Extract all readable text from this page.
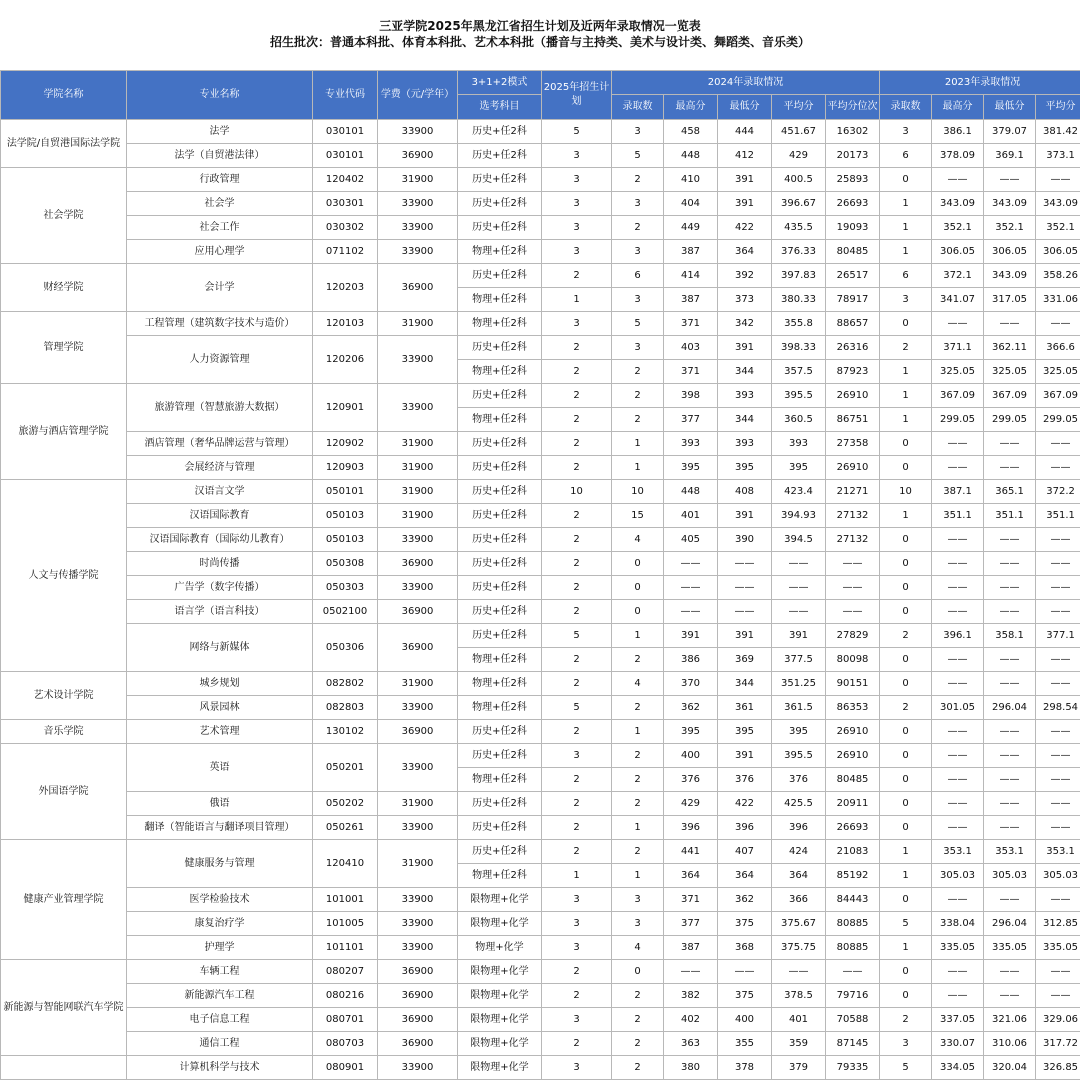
三亚学院2025年黑龙江省招生计划及近两年录取情况一览表
招生批次：普通本科批、体育本科批、艺术本科批（播音与主持类、美术与设计类、舞蹈类、音乐类）
学院名称	专业名称	专业代码	学费（元/学年）	3+1+2模式	2025年招生计划	2024年录取情况					2023年录取情况			
				选考科目		录取数	最高分	最低分	平均分	平均分位次	录取数	最高分	最低分	平均分
法学院/自贸港国际法学院	法学	030101	33900	历史+任2科	5	3	458	444	451.67	16302	3	386.1	379.07	381.42
	法学（自贸港法律）	030101	36900	历史+任2科	3	5	448	412	429	20173	6	378.09	369.1	373.1
社会学院	行政管理	120402	31900	历史+任2科	3	2	410	391	400.5	25893	0	——	——	——
	社会学	030301	33900	历史+任2科	3	3	404	391	396.67	26693	1	343.09	343.09	343.09
	社会工作	030302	33900	历史+任2科	3	2	449	422	435.5	19093	1	352.1	352.1	352.1
	应用心理学	071102	33900	物理+任2科	3	3	387	364	376.33	80485	1	306.05	306.05	306.05
财经学院	会计学	120203	36900	历史+任2科	2	6	414	392	397.83	26517	6	372.1	343.09	358.26
				物理+任2科	1	3	387	373	380.33	78917	3	341.07	317.05	331.06
管理学院	工程管理（建筑数字技术与造价）	120103	31900	物理+任2科	3	5	371	342	355.8	88657	0	——	——	——
	人力资源管理	120206	33900	历史+任2科	2	3	403	391	398.33	26316	2	371.1	362.11	366.6
				物理+任2科	2	2	371	344	357.5	87923	1	325.05	325.05	325.05
旅游与酒店管理学院	旅游管理（智慧旅游大数据）	120901	33900	历史+任2科	2	2	398	393	395.5	26910	1	367.09	367.09	367.09
				物理+任2科	2	2	377	344	360.5	86751	1	299.05	299.05	299.05
	酒店管理（奢华品牌运营与管理）	120902	31900	历史+任2科	2	1	393	393	393	27358	0	——	——	——
	会展经济与管理	120903	31900	历史+任2科	2	1	395	395	395	26910	0	——	——	——
人文与传播学院	汉语言文学	050101	31900	历史+任2科	10	10	448	408	423.4	21271	10	387.1	365.1	372.2
	汉语国际教育	050103	31900	历史+任2科	2	15	401	391	394.93	27132	1	351.1	351.1	351.1
	汉语国际教育（国际幼儿教育）	050103	33900	历史+任2科	2	4	405	390	394.5	27132	0	——	——	——
	时尚传播	050308	36900	历史+任2科	2	0	——	——	——	——	0	——	——	——
	广告学（数字传播）	050303	33900	历史+任2科	2	0	——	——	——	——	0	——	——	——
	语言学（语言科技）	0502100	36900	历史+任2科	2	0	——	——	——	——	0	——	——	——
	网络与新媒体	050306	36900	历史+任2科	5	1	391	391	391	27829	2	396.1	358.1	377.1
				物理+任2科	2	2	386	369	377.5	80098	0	——	——	——
艺术设计学院	城乡规划	082802	31900	物理+任2科	2	4	370	344	351.25	90151	0	——	——	——
	风景园林	082803	33900	物理+任2科	5	2	362	361	361.5	86353	2	301.05	296.04	298.54
音乐学院	艺术管理	130102	36900	历史+任2科	2	1	395	395	395	26910	0	——	——	——
外国语学院	英语	050201	33900	历史+任2科	3	2	400	391	395.5	26910	0	——	——	——
				物理+任2科	2	2	376	376	376	80485	0	——	——	——
	俄语	050202	31900	历史+任2科	2	2	429	422	425.5	20911	0	——	——	——
	翻译（智能语言与翻译项目管理）	050261	33900	历史+任2科	2	1	396	396	396	26693	0	——	——	——
健康产业管理学院	健康服务与管理	120410	31900	历史+任2科	2	2	441	407	424	21083	1	353.1	353.1	353.1
				物理+任2科	1	1	364	364	364	85192	1	305.03	305.03	305.03
	医学检验技术	101001	33900	限物理+化学	3	3	371	362	366	84443	0	——	——	——
	康复治疗学	101005	33900	限物理+化学	3	3	377	375	375.67	80885	5	338.04	296.04	312.85
	护理学	101101	33900	物理+化学	3	4	387	368	375.75	80885	1	335.05	335.05	335.05
新能源与智能网联汽车学院	车辆工程	080207	36900	限物理+化学	2	0	——	——	——	——	0	——	——	——
	新能源汽车工程	080216	36900	限物理+化学	2	2	382	375	378.5	79716	0	——	——	——
	电子信息工程	080701	36900	限物理+化学	3	2	402	400	401	70588	2	337.05	321.06	329.06
	通信工程	080703	36900	限物理+化学	2	2	363	355	359	87145	3	330.07	310.06	317.72
	计算机科学与技术	080901	33900	限物理+化学	3	2	380	378	379	79335	5	334.05	320.04	326.85
